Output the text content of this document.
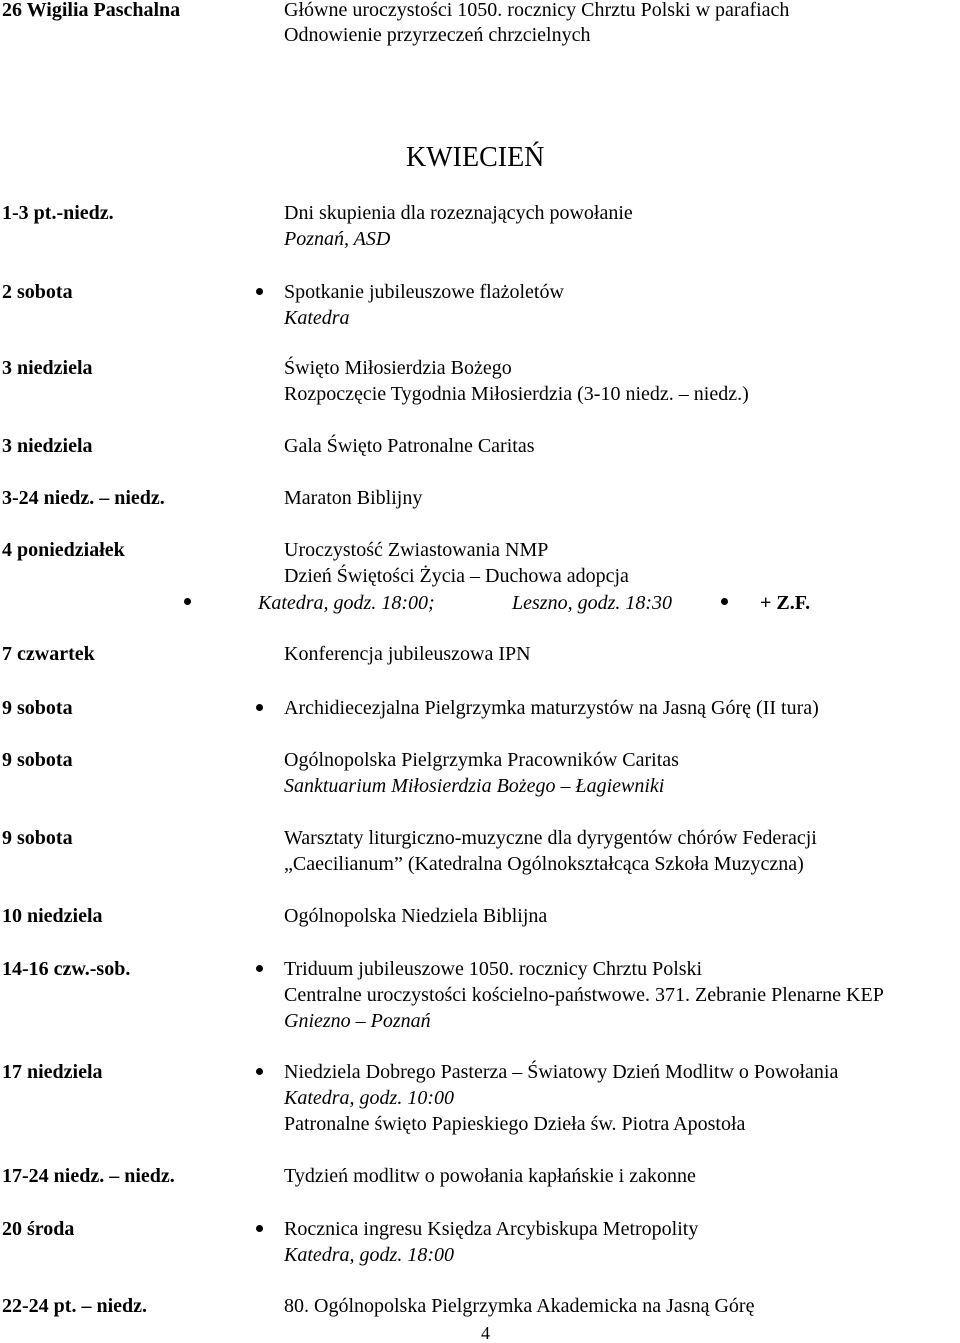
26 Wigilia Paschalna	Główne uroczystości 1050. rocznicy Chrztu Polski w parafiach
Odnowienie przyrzeczeń chrzcielnych
KWIECIEŃ
1-3 pt.-niedz.	Dni skupienia dla rozeznających powołanie
Poznań, ASD
2 sobota	Spotkanie jubileuszowe flażoletów
Katedra
3 niedziela	Święto Miłosierdzia Bożego
Rozpoczęcie Tygodnia Miłosierdzia (3-10 niedz. – niedz.)
3 niedziela	Gala Święto Patronalne Caritas
3-24 niedz. – niedz.	Maraton Biblijny
4 poniedziałek	Uroczystość Zwiastowania NMP
Dzień Świętości Życia – Duchowa adopcja
Katedra, godz. 18:00;	Leszno, godz. 18:30	+ Z.F.
7 czwartek	Konferencja jubileuszowa IPN
9 sobota	Archidiecezjalna Pielgrzymka maturzystów na Jasną Górę (II tura)
9 sobota	Ogólnopolska Pielgrzymka Pracowników Caritas
Sanktuarium Miłosierdzia Bożego – Łagiewniki
9 sobota	Warsztaty liturgiczno-muzyczne dla dyrygentów chórów Federacji
„Caecilianum” (Katedralna Ogólnokształcąca Szkoła Muzyczna)
10 niedziela	Ogólnopolska Niedziela Biblijna
14-16 czw.-sob.	Triduum jubileuszowe 1050. rocznicy Chrztu Polski
Centralne uroczystości kościelno-państwowe. 371. Zebranie Plenarne KEP
Gniezno – Poznań
17 niedziela	Niedziela Dobrego Pasterza – Światowy Dzień Modlitw o Powołania
Katedra, godz. 10:00
Patronalne święto Papieskiego Dzieła św. Piotra Apostoła
17-24 niedz. – niedz.	Tydzień modlitw o powołania kapłańskie i zakonne
20 środa	Rocznica ingresu Księdza Arcybiskupa Metropolity
Katedra, godz. 18:00
22-24 pt. – niedz.	80. Ogólnopolska Pielgrzymka Akademicka na Jasną Górę
4
